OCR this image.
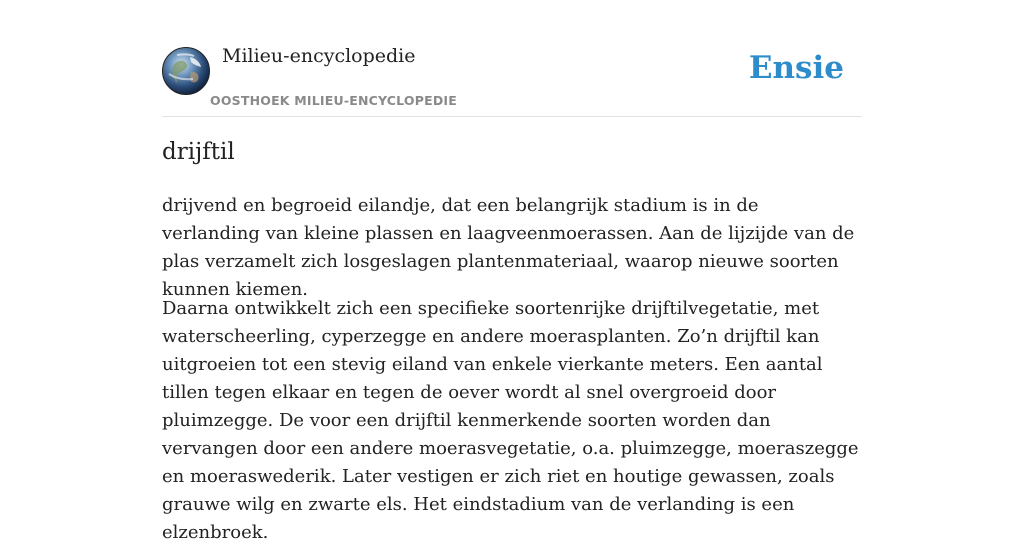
Milieu-encyclopedie
OOSTHOEK MILIEU-ENCYCLOPEDIE
Ensie
drijftil

drijvend en begroeid eilandje, dat een belangrijk stadium is in de verlanding van kleine plassen en laagveenmoerassen. Aan de lijzijde van de plas verzamelt zich losgeslagen plantenmateriaal, waarop nieuwe soorten kunnen kiemen.

Daarna ontwikkelt zich een specifieke soortenrijke drijftilvegetatie, met waterscheerling, cyperzegge en andere moerasplanten. Zo’n drijftil kan uitgroeien tot een stevig eiland van enkele vierkante meters. Een aantal tillen tegen elkaar en tegen de oever wordt al snel overgroeid door pluimzegge. De voor een drijftil kenmerkende soorten worden dan vervangen door een andere moerasvegetatie, o.a. pluimzegge, moeraszegge en moeraswederik. Later vestigen er zich riet en houtige gewassen, zoals grauwe wilg en zwarte els. Het eindstadium van de verlanding is een elzenbroek.
